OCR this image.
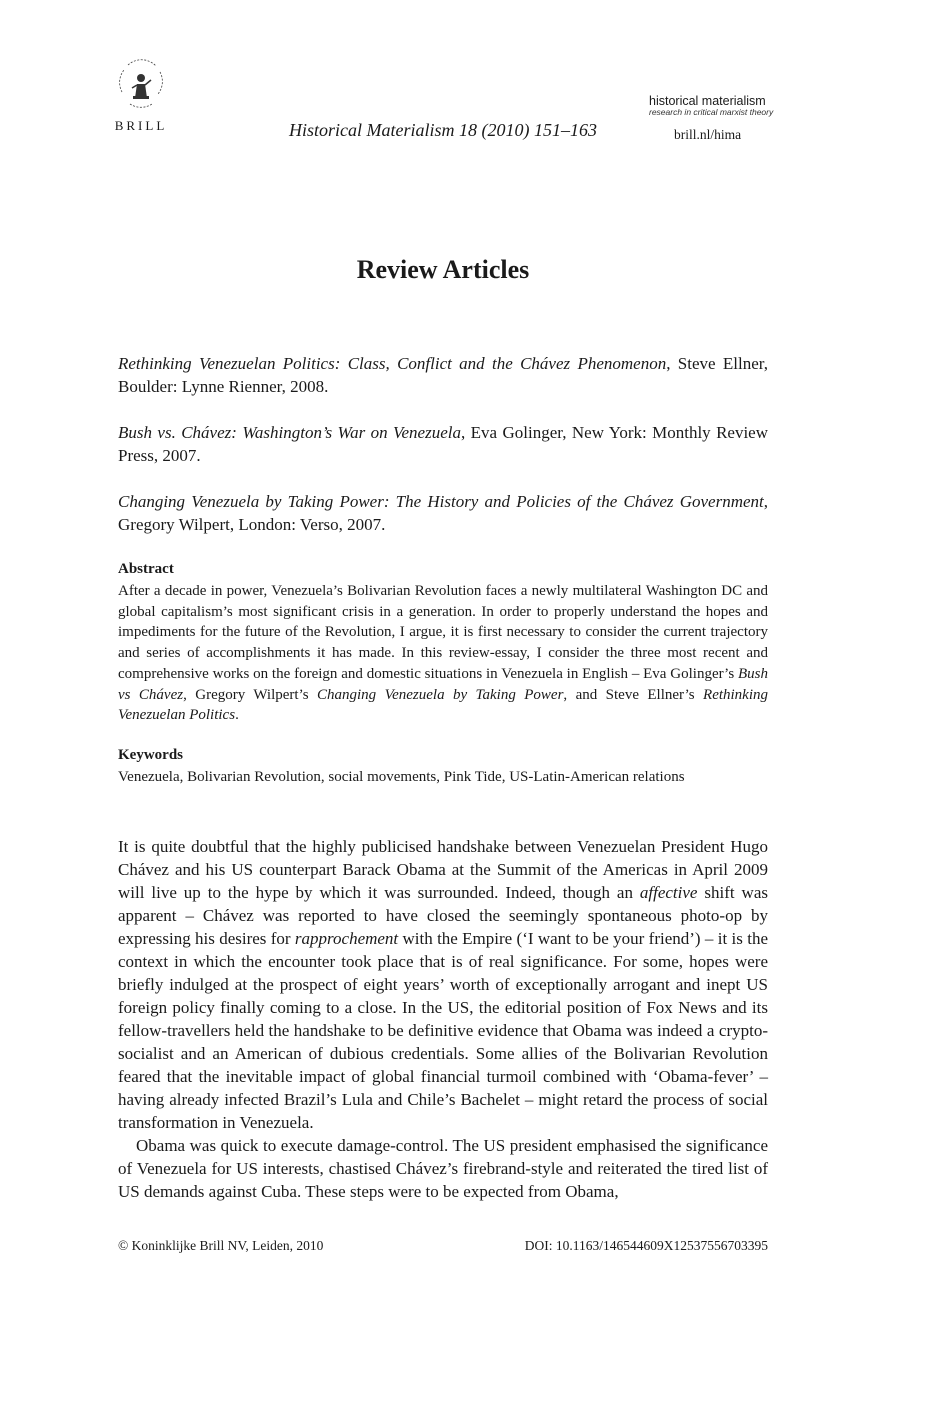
BRILL	Historical Materialism 18 (2010) 151–163
historical materialism
research in critical marxist theory
brill.nl/hima
Review Articles

Rethinking Venezuelan Politics: Class, Conflict and the Chávez Phenomenon, Steve Ellner, Boulder: Lynne Rienner, 2008.

Bush vs. Chávez: Washington’s War on Venezuela, Eva Golinger, New York: Monthly Review Press, 2007.

Changing Venezuela by Taking Power: The History and Policies of the Chávez Government, Gregory Wilpert, London: Verso, 2007.

Abstract

After a decade in power, Venezuela’s Bolivarian Revolution faces a newly multilateral Washington DC and global capitalism’s most significant crisis in a generation. In order to properly understand the hopes and impediments for the future of the Revolution, I argue, it is first necessary to consider the current trajectory and series of accomplishments it has made. In this review-essay, I consider the three most recent and comprehensive works on the foreign and domestic situations in Venezuela in English – Eva Golinger’s Bush vs Chávez, Gregory Wilpert’s Changing Venezuela by Taking Power, and Steve Ellner’s Rethinking Venezuelan Politics.

Keywords
Venezuela, Bolivarian Revolution, social movements, Pink Tide, US-Latin-American relations

It is quite doubtful that the highly publicised handshake between Venezuelan President Hugo Chávez and his US counterpart Barack Obama at the Summit of the Americas in April 2009 will live up to the hype by which it was surrounded. Indeed, though an affective shift was apparent – Chávez was reported to have closed the seemingly spontaneous photo-op by expressing his desires for rapprochement with the Empire (‘I want to be your friend’) – it is the context in which the encounter took place that is of real significance. For some, hopes were briefly indulged at the prospect of eight years’ worth of exceptionally arrogant and inept US foreign policy finally coming to a close. In the US, the editorial position of Fox News and its fellow-travellers held the handshake to be definitive evidence that Obama was indeed a crypto-socialist and an American of dubious credentials. Some allies of the Bolivarian Revolution feared that the inevitable impact of global financial turmoil combined with ‘Obama-fever’ – having already infected Brazil’s Lula and Chile’s Bachelet – might retard the process of social transformation in Venezuela.

Obama was quick to execute damage-control. The US president emphasised the significance of Venezuela for US interests, chastised Chávez’s firebrand-style and reiterated the tired list of US demands against Cuba. These steps were to be expected from Obama,

© Koninklijke Brill NV, Leiden, 2010	DOI: 10.1163/146544609X12537556703395
